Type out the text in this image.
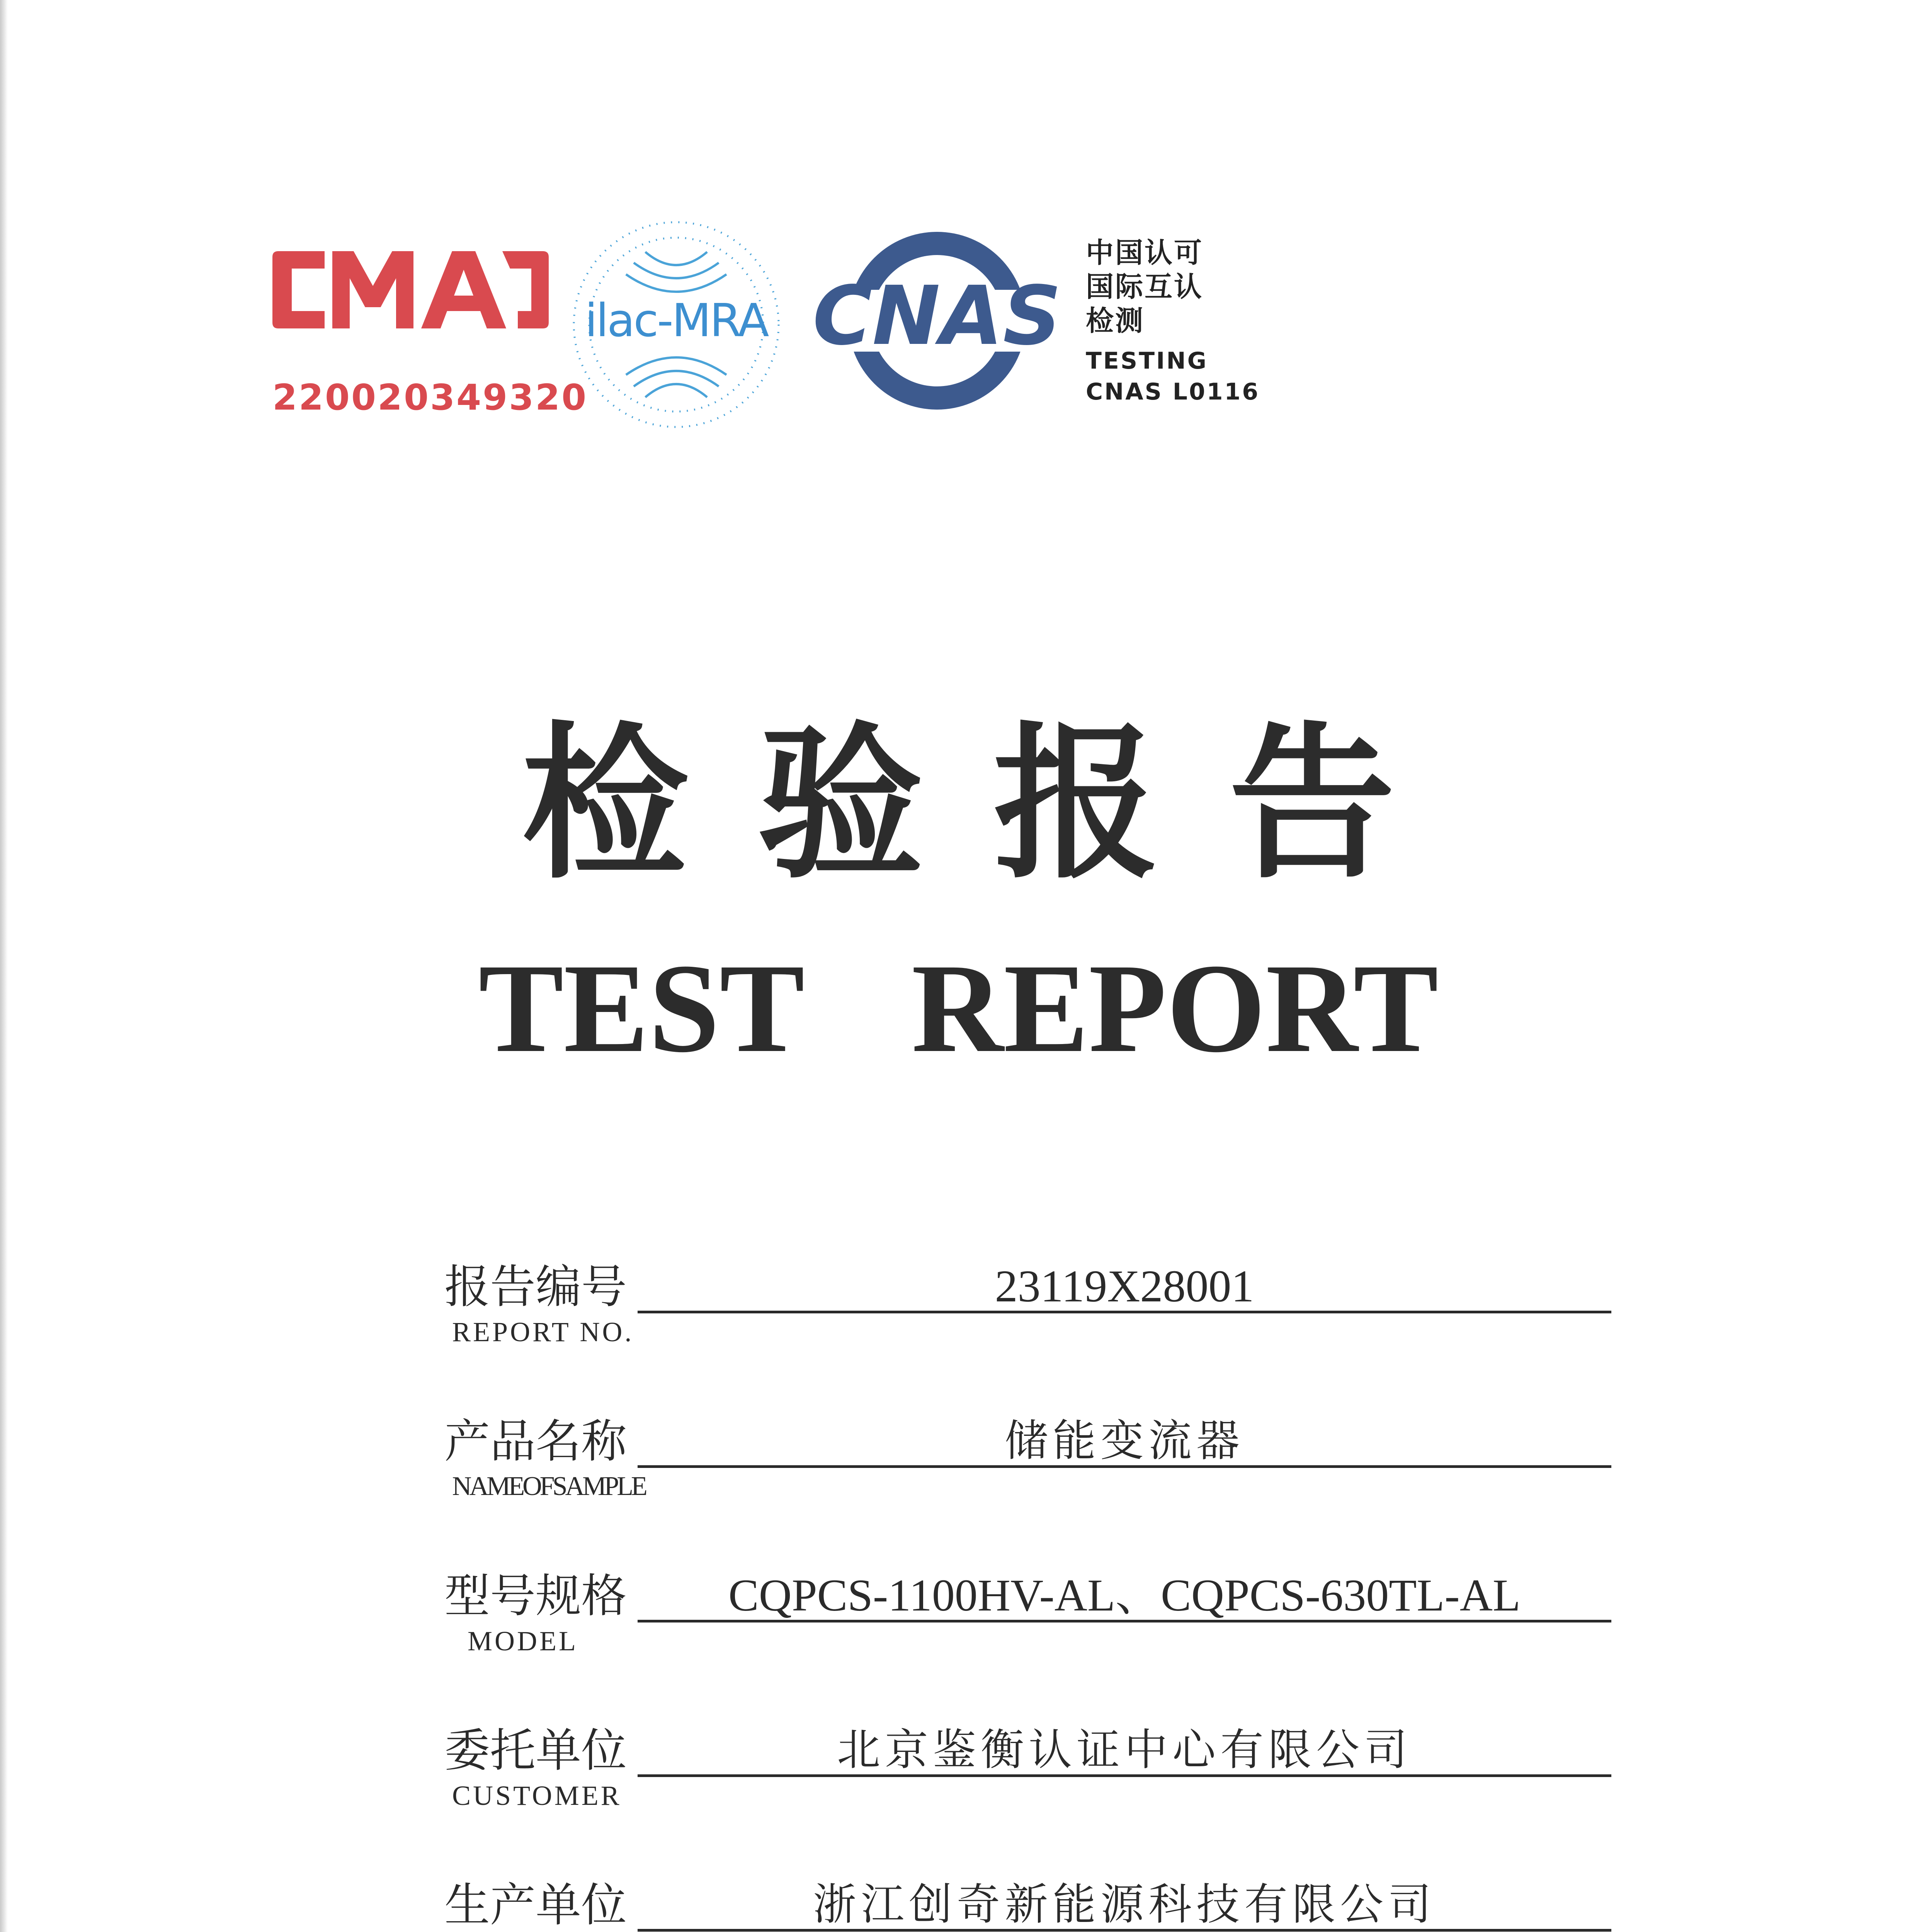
220020349320
ilac-MRA CNAS

中国认可

国际互认

检测

TESTING

CNAS L0116

检验报告
TEST REPORT
报告编号
REPORT NO.
23119X28001
产品名称
NAMEOFSAMPLE
储能变流器
型号规格
MODEL
CQPCS-1100HV-AL、CQPCS-630TL-AL
委托单位
CUSTOMER
北京鉴衡认证中心有限公司
生产单位	浙江创奇新能源科技有限公司
